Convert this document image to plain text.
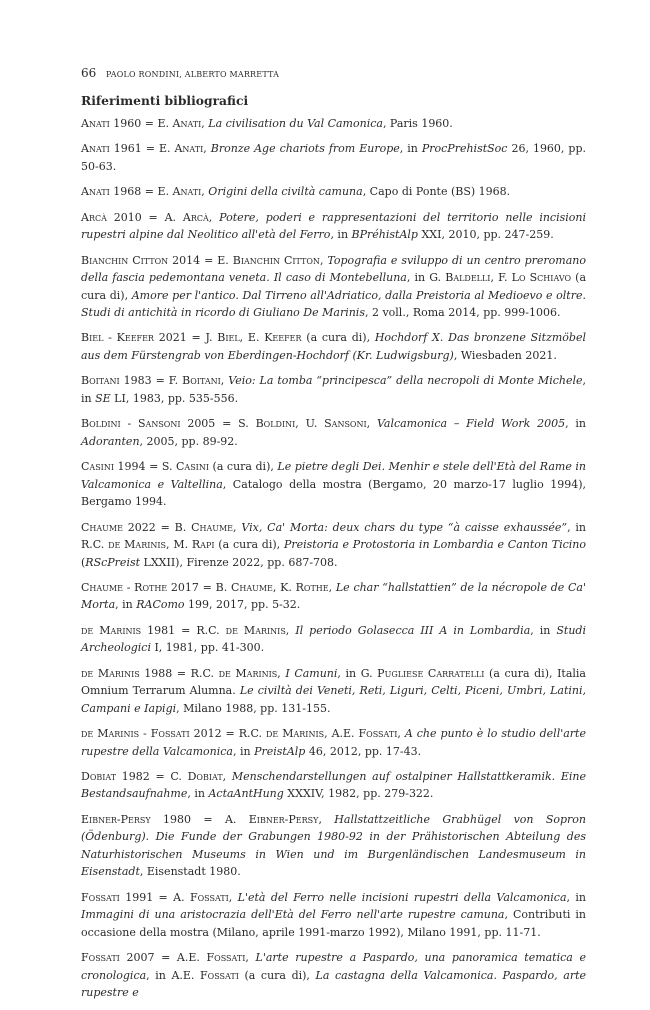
66 PAOLO RONDINI, ALBERTO MARRETTA
Riferimenti bibliografici

Anati 1960 = E. Anati, La civilisation du Val Camonica, Paris 1960.

Anati 1961 = E. Anati, Bronze Age chariots from Europe, in ProcPrehistSoc 26, 1960, pp. 50-63.

Anati 1968 = E. Anati, Origini della civiltà camuna, Capo di Ponte (BS) 1968.

Arcà 2010 = A. Arcà, Potere, poderi e rappresentazioni del territorio nelle incisioni rupestri alpine dal Neolitico all'età del Ferro, in BPréhistAlp XXI, 2010, pp. 247-259.

Bianchin Citton 2014 = E. Bianchin Citton, Topografia e sviluppo di un centro preromano della fascia pedemontana veneta. Il caso di Montebelluna, in G. Baldelli, F. Lo Schiavo (a cura di), Amore per l'antico. Dal Tirreno all'Adriatico, dalla Preistoria al Medioevo e oltre. Studi di antichità in ricordo di Giuliano De Marinis, 2 voll., Roma 2014, pp. 999-1006.

Biel - Keefer 2021 = J. Biel, E. Keefer (a cura di), Hochdorf X. Das bronzene Sitzmöbel aus dem Fürstengrab von Eberdingen-Hochdorf (Kr. Ludwigsburg), Wiesbaden 2021.

Boitani 1983 = F. Boitani, Veio: La tomba “principesca” della necropoli di Monte Michele, in SE LI, 1983, pp. 535-556.

Boldini - Sansoni 2005 = S. Boldini, U. Sansoni, Valcamonica – Field Work 2005, in Adoranten, 2005, pp. 89-92.

Casini 1994 = S. Casini (a cura di), Le pietre degli Dei. Menhir e stele dell'Età del Rame in Valcamonica e Valtellina, Catalogo della mostra (Bergamo, 20 marzo-17 luglio 1994), Bergamo 1994.

Chaume 2022 = B. Chaume, Vix, Ca' Morta: deux chars du type “à caisse exhaussée”, in R.C. de Marinis, M. Rapi (a cura di), Preistoria e Protostoria in Lombardia e Canton Ticino (RScPreist LXXII), Firenze 2022, pp. 687-708.

Chaume - Rothe 2017 = B. Chaume, K. Rothe, Le char “hallstattien” de la nécropole de Ca' Morta, in RAComo 199, 2017, pp. 5-32.

de Marinis 1981 = R.C. de Marinis, Il periodo Golasecca III A in Lombardia, in Studi Archeologici I, 1981, pp. 41-300.

de Marinis 1988 = R.C. de Marinis, I Camuni, in G. Pugliese Carratelli (a cura di), Italia Omnium Terrarum Alumna. Le civiltà dei Veneti, Reti, Liguri, Celti, Piceni, Umbri, Latini, Campani e Iapigi, Milano 1988, pp. 131-155.

de Marinis - Fossati 2012 = R.C. de Marinis, A.E. Fossati, A che punto è lo studio dell'arte rupestre della Valcamonica, in PreistAlp 46, 2012, pp. 17-43.

Dobiat 1982 = C. Dobiat, Menschendarstellungen auf ostalpiner Hallstattkeramik. Eine Bestandsaufnahme, in ActaAntHung XXXIV, 1982, pp. 279-322.

Eibner-Persy 1980 = A. Eibner-Persy, Hallstattzeitliche Grabhügel von Sopron (Ödenburg). Die Funde der Grabungen 1980-92 in der Prähistorischen Abteilung des Naturhistorischen Museums in Wien und im Burgenländischen Landesmuseum in Eisenstadt, Eisenstadt 1980.

Fossati 1991 = A. Fossati, L'età del Ferro nelle incisioni rupestri della Valcamonica, in Immagini di una aristocrazia dell'Età del Ferro nell'arte rupestre camuna, Contributi in occasione della mostra (Milano, aprile 1991-marzo 1992), Milano 1991, pp. 11-71.

Fossati 2007 = A.E. Fossati, L'arte rupestre a Paspardo, una panoramica tematica e cronologica, in A.E. Fossati (a cura di), La castagna della Valcamonica. Paspardo, arte rupestre e
